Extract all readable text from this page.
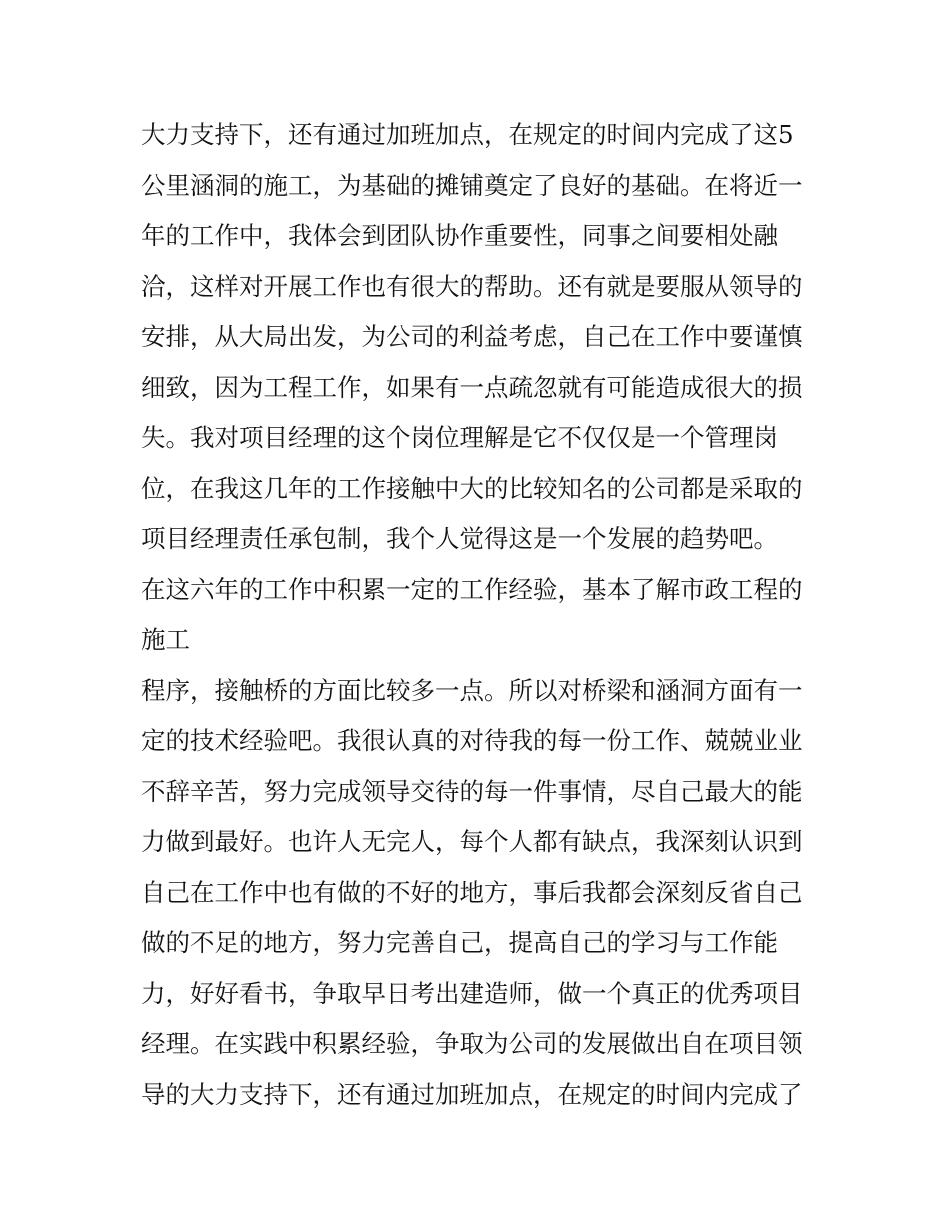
大力支持下，还有通过加班加点，在规定的时间内完成了这5
公里涵洞的施工，为基础的摊铺奠定了良好的基础。在将近一
年的工作中，我体会到团队协作重要性，同事之间要相处融
洽，这样对开展工作也有很大的帮助。还有就是要服从领导的
安排，从大局出发，为公司的利益考虑，自己在工作中要谨慎
细致，因为工程工作，如果有一点疏忽就有可能造成很大的损
失。我对项目经理的这个岗位理解是它不仅仅是一个管理岗
位，在我这几年的工作接触中大的比较知名的公司都是采取的
项目经理责任承包制，我个人觉得这是一个发展的趋势吧。
在这六年的工作中积累一定的工作经验，基本了解市政工程的
施工
程序，接触桥的方面比较多一点。所以对桥梁和涵洞方面有一
定的技术经验吧。我很认真的对待我的每一份工作、兢兢业业
不辞辛苦，努力完成领导交待的每一件事情，尽自己最大的能
力做到最好。也许人无完人，每个人都有缺点，我深刻认识到
自己在工作中也有做的不好的地方，事后我都会深刻反省自己
做的不足的地方，努力完善自己，提高自己的学习与工作能
力，好好看书，争取早日考出建造师，做一个真正的优秀项目
经理。在实践中积累经验，争取为公司的发展做出自在项目领
导的大力支持下，还有通过加班加点，在规定的时间内完成了
